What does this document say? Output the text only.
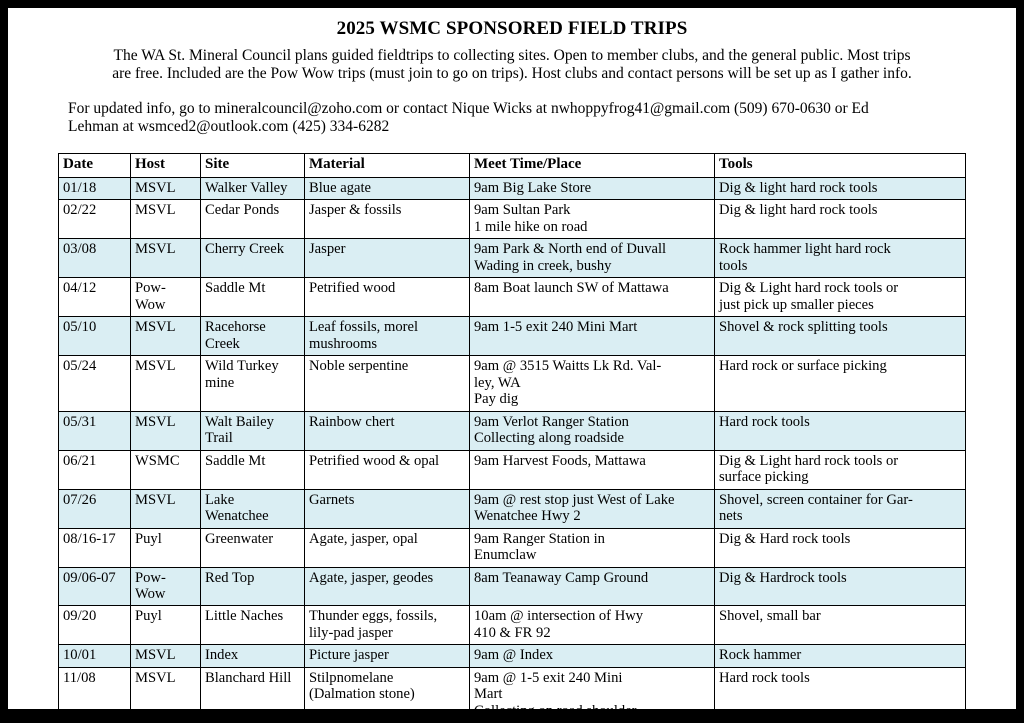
2025 WSMC SPONSORED FIELD TRIPS
The WA St. Mineral Council plans guided fieldtrips to collecting sites. Open to member clubs, and the general public. Most trips
are free. Included are the Pow Wow trips (must join to go on trips). Host clubs and contact persons will be set up as I gather info.
For updated info, go to mineralcouncil@zoho.com or contact Nique Wicks at nwhoppyfrog41@gmail.com (509) 670-0630 or Ed
Lehman at wsmced2@outlook.com (425) 334-6282
Date	Host	Site	Material	Meet Time/Place	Tools

01/18	MSVL	Walker Valley	Blue agate	9am Big Lake Store	Dig & light hard rock tools

02/22	MSVL	Cedar Ponds	Jasper & fossils	9am Sultan Park
1 mile hike on road	Dig & light hard rock tools

03/08	MSVL	Cherry Creek	Jasper	9am Park & North end of Duvall
Wading in creek, bushy	Rock hammer light hard rock
tools

04/12	Pow-
Wow	Saddle Mt	Petrified wood	8am Boat launch SW of Mattawa	Dig & Light hard rock tools or
just pick up smaller pieces

05/10	MSVL	Racehorse
Creek	Leaf fossils, morel
mushrooms	9am 1-5 exit 240 Mini Mart	Shovel & rock splitting tools

05/24	MSVL	Wild Turkey
mine	Noble serpentine	9am @ 3515 Waitts Lk Rd. Val-
ley, WA
Pay dig	Hard rock or surface picking

05/31	MSVL	Walt Bailey
Trail	Rainbow chert	9am Verlot Ranger Station
Collecting along roadside	Hard rock tools

06/21	WSMC	Saddle Mt	Petrified wood & opal	9am Harvest Foods, Mattawa	Dig & Light hard rock tools or
surface picking

07/26	MSVL	Lake
Wenatchee	Garnets	9am @ rest stop just West of Lake
Wenatchee Hwy 2	Shovel, screen container for Gar-
nets

08/16-17	Puyl	Greenwater	Agate, jasper, opal	9am Ranger Station in
Enumclaw	Dig & Hard rock tools

09/06-07	Pow-
Wow	Red Top	Agate, jasper, geodes	8am Teanaway Camp Ground	Dig & Hardrock tools

09/20	Puyl	Little Naches	Thunder eggs, fossils,
lily-pad jasper	10am @ intersection of Hwy
410 & FR 92	Shovel, small bar

10/01	MSVL	Index	Picture jasper	9am @ Index	Rock hammer

11/08	MSVL	Blanchard Hill	Stilpnomelane
(Dalmation stone)	9am @ 1-5 exit 240 Mini
Mart
Collecting on road shoulder	Hard rock tools
